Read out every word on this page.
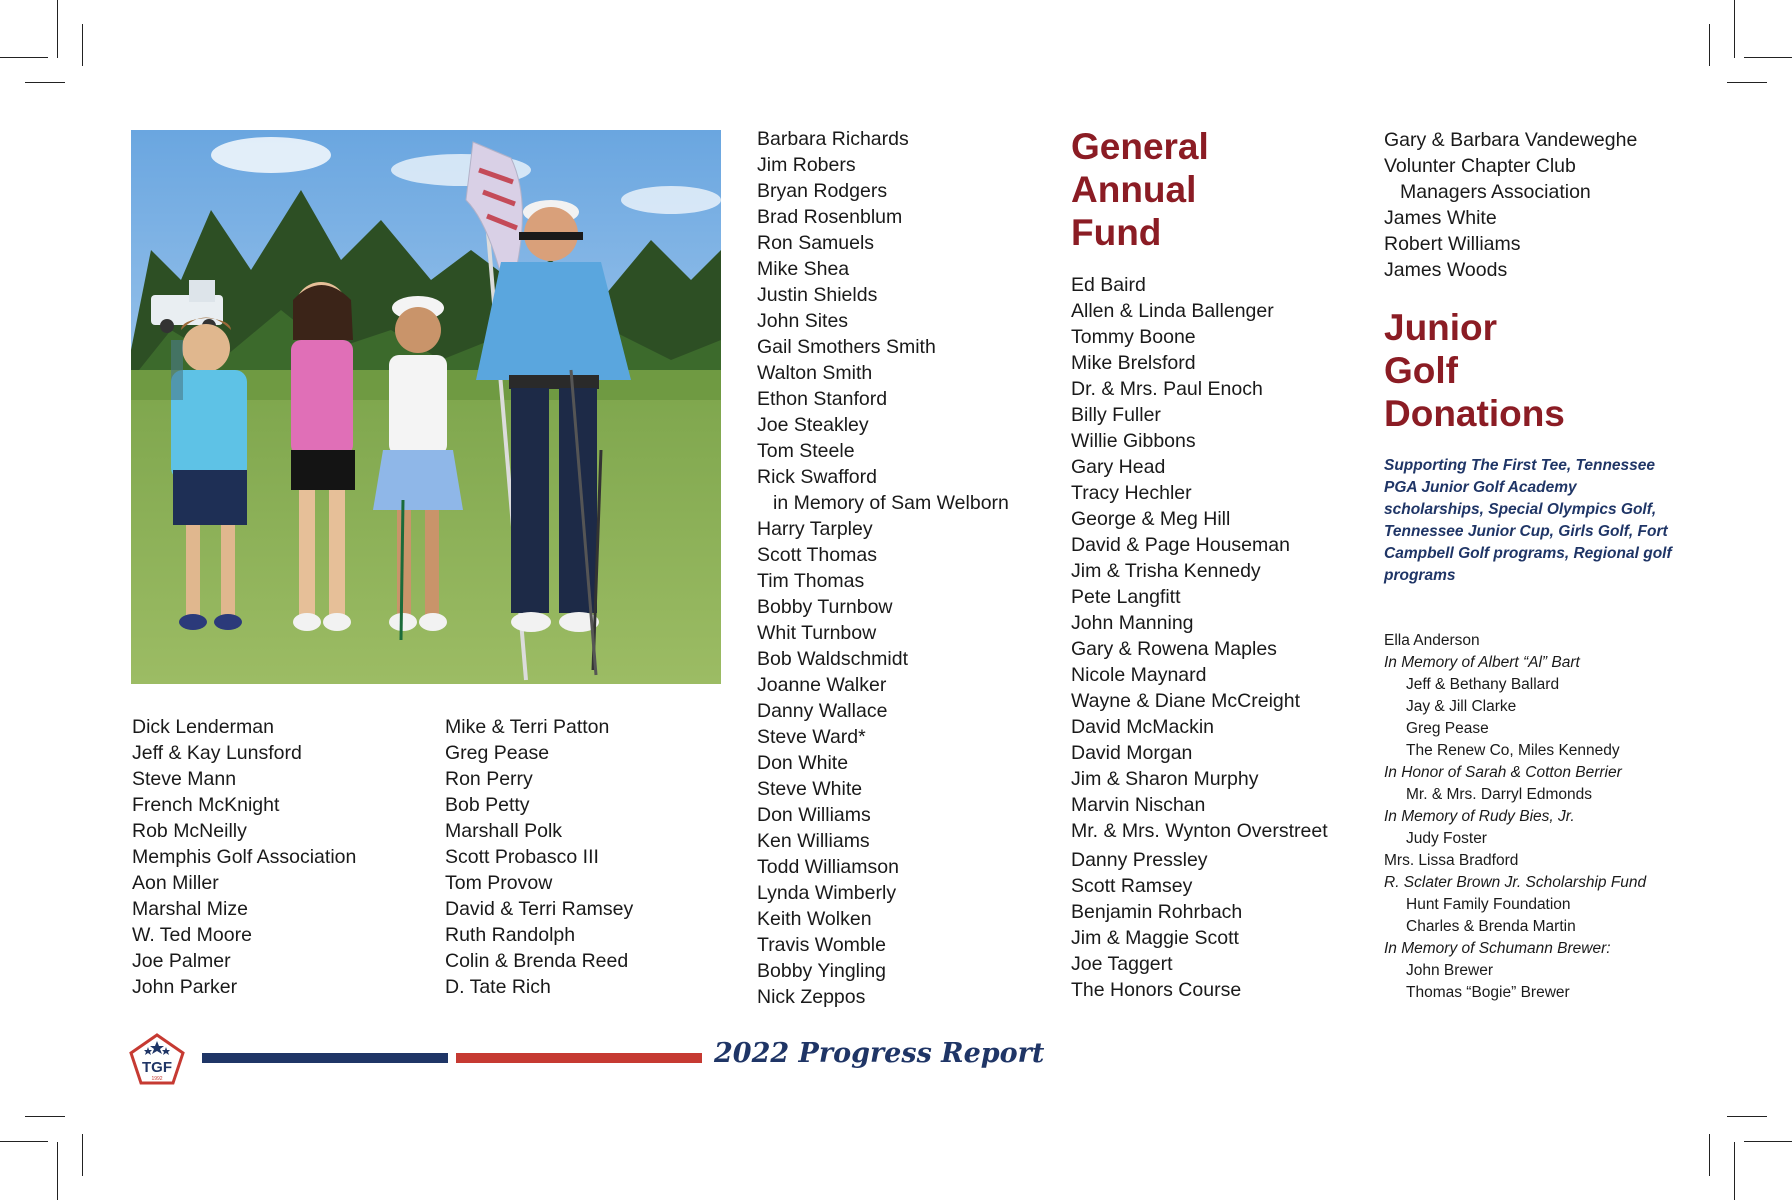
Dick Lenderman
Jeff & Kay Lunsford
Steve Mann
French McKnight
Rob McNeilly
Memphis Golf Association
Aon Miller
Marshal Mize
W. Ted Moore
Joe Palmer
John Parker
Mike & Terri Patton
Greg Pease
Ron Perry
Bob Petty
Marshall Polk
Scott Probasco III
Tom Provow
David & Terri Ramsey
Ruth Randolph
Colin & Brenda Reed
D. Tate Rich
Barbara Richards
Jim Robers
Bryan Rodgers
Brad Rosenblum
Ron Samuels
Mike Shea
Justin Shields
John Sites
Gail Smothers Smith
Walton Smith
Ethon Stanford
Joe Steakley
Tom Steele
Rick Swafford
in Memory of Sam Welborn
Harry Tarpley
Scott Thomas
Tim Thomas
Bobby Turnbow
Whit Turnbow
Bob Waldschmidt
Joanne Walker
Danny Wallace
Steve Ward*
Don White
Steve White
Don Williams
Ken Williams
Todd Williamson
Lynda Wimberly
Keith Wolken
Travis Womble
Bobby Yingling
Nick Zeppos
General
Annual
Fund
Ed Baird
Allen & Linda Ballenger
Tommy Boone
Mike Brelsford
Dr. & Mrs. Paul Enoch
Billy Fuller
Willie Gibbons
Gary Head
Tracy Hechler
George & Meg Hill
David & Page Houseman
Jim & Trisha Kennedy
Pete Langfitt
John Manning
Gary & Rowena Maples
Nicole Maynard
Wayne & Diane McCreight
David McMackin
David Morgan
Jim & Sharon Murphy
Marvin Nischan
Mr. & Mrs. Wynton Overstreet
Danny Pressley
Scott Ramsey
Benjamin Rohrbach
Jim & Maggie Scott
Joe Taggert
The Honors Course
Gary & Barbara Vandeweghe
Volunter Chapter Club
Managers Association
James White
Robert Williams
James Woods
Junior
Golf
Donations

Supporting The First Tee, Tennessee PGA Junior Golf Academy scholarships, Special Olympics Golf, Tennessee Junior Cup, Girls Golf, Fort Campbell Golf programs, Regional golf programs

Ella Anderson
In Memory of Albert “Al” Bart
Jeff & Bethany Ballard
Jay & Jill Clarke
Greg Pease
The Renew Co, Miles Kennedy
In Honor of Sarah & Cotton Berrier
Mr. & Mrs. Darryl Edmonds
In Memory of Rudy Bies, Jr.
Judy Foster
Mrs. Lissa Bradford
R. Sclater Brown Jr. Scholarship Fund
Hunt Family Foundation
Charles & Brenda Martin
In Memory of Schumann Brewer:
John Brewer
Thomas “Bogie” Brewer
TGF
1992

2022 Progress Report
